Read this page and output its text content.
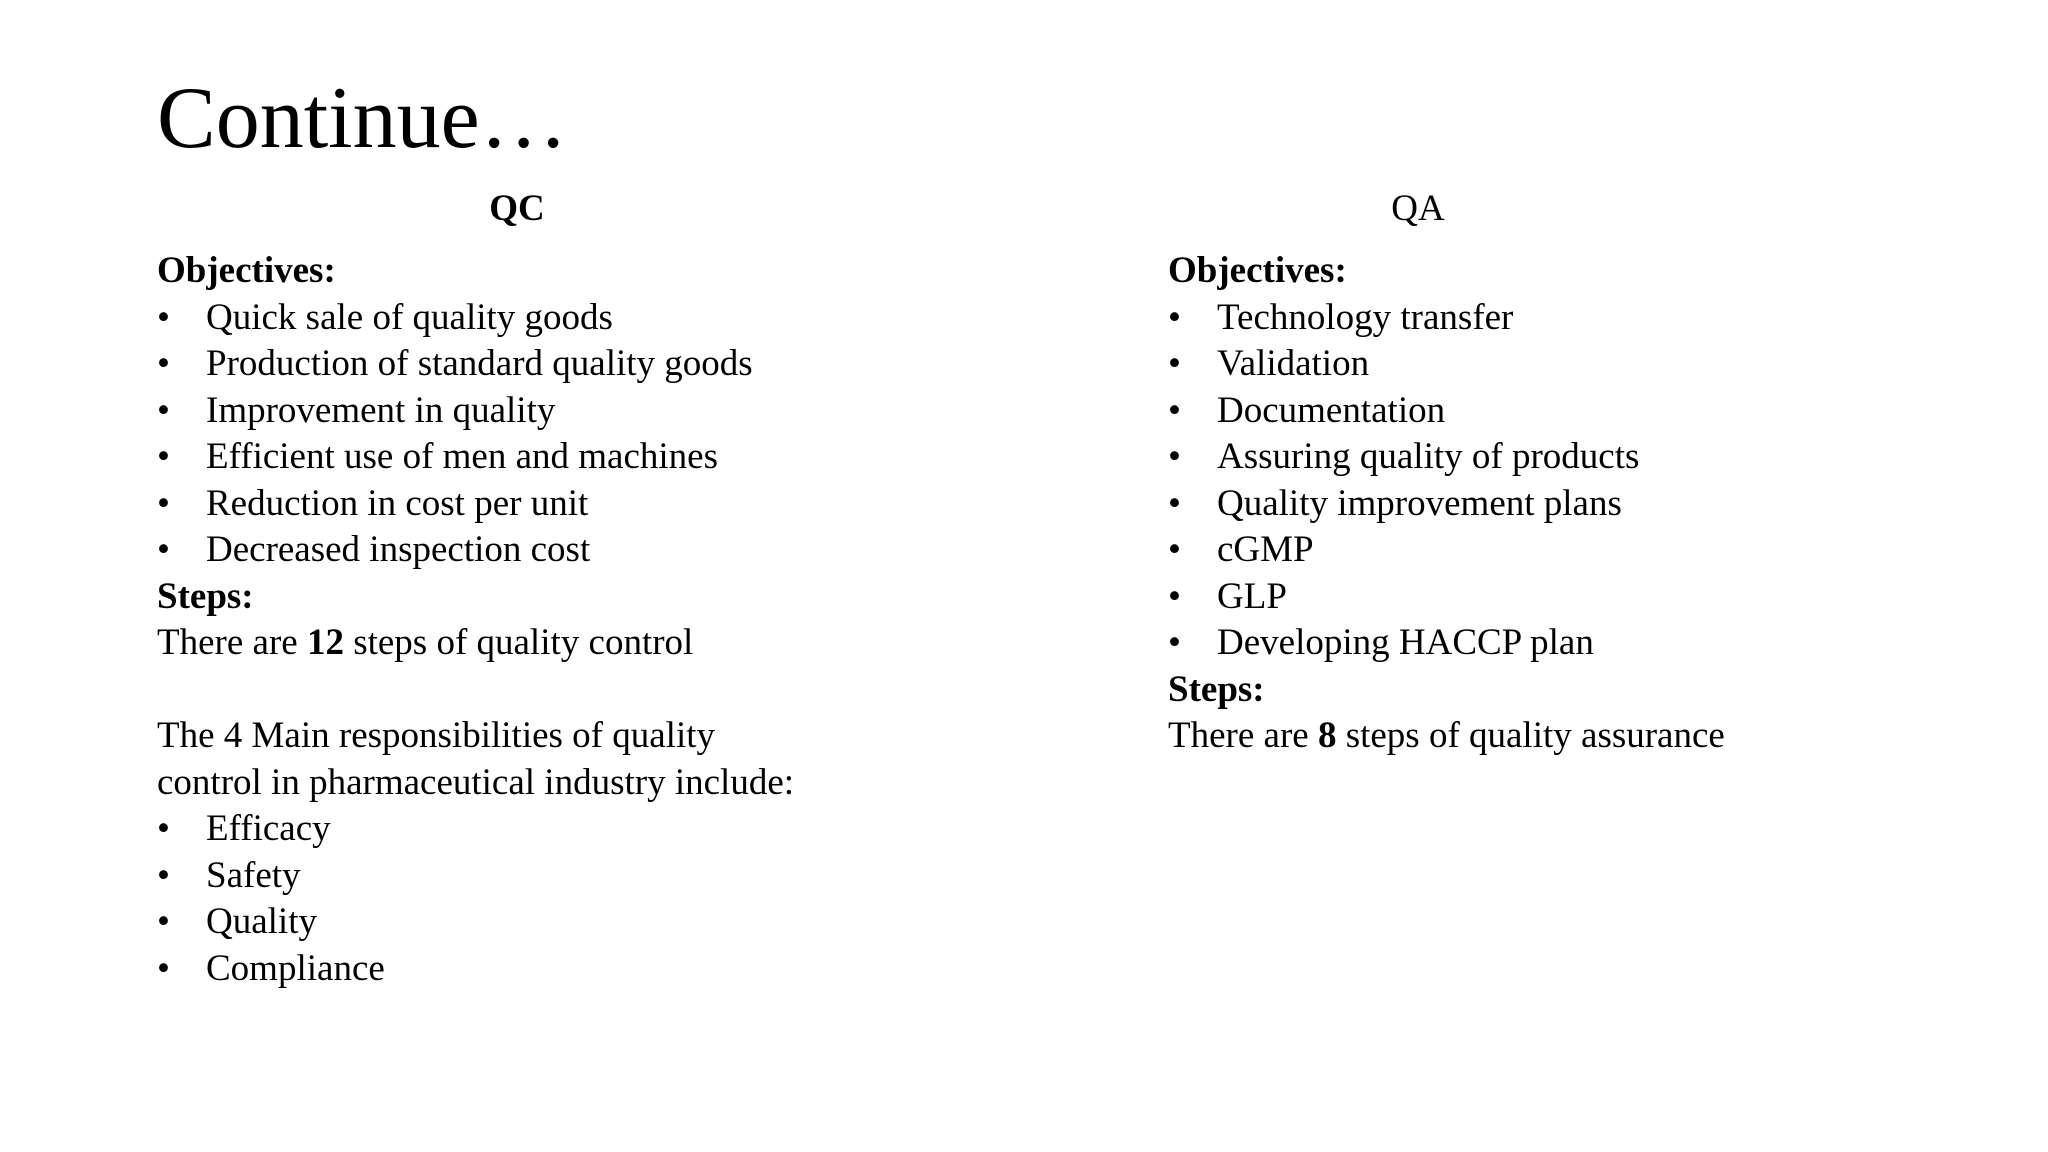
Continue…
QC
Objectives:
• Quick sale of quality goods
• Production of standard quality goods
• Improvement in quality
• Efficient use of men and machines
• Reduction in cost per unit
• Decreased inspection cost
Steps:
There are 12 steps of quality control
The 4 Main responsibilities of quality
control in pharmaceutical industry include:
• Efficacy
• Safety
• Quality
• Compliance
QA
Objectives:
• Technology transfer
• Validation
• Documentation
• Assuring quality of products
• Quality improvement plans
• cGMP
• GLP
• Developing HACCP plan
Steps:
There are 8 steps of quality assurance
